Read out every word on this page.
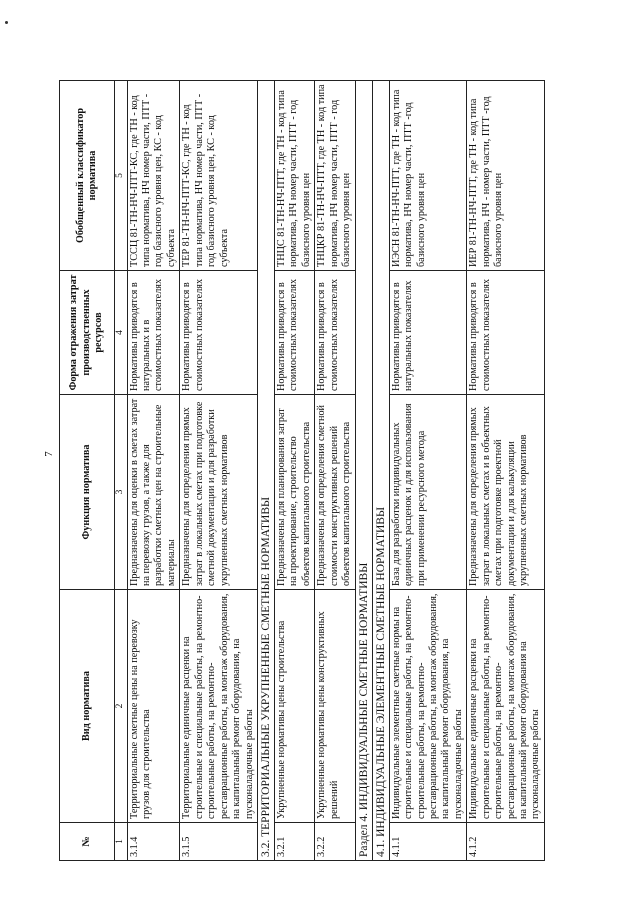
7
№	Вид норматива	Функция норматива	Форма отражения затрат производственных ресурсов	Обобщенный классификатор норматива
1	2	3	4	5
3.1.4	Территориальные сметные цены на перевозку грузов для строительства	Предназначены для оценки в сметах затрат на перевозку грузов, а также для разработки сметных цен на строительные материалы	Нормативы приводятся в натуральных и в стоимостных показателях	ТССЦ 81-ТН-НЧ-ПТТ-КС, где ТН - код типа норматива, НЧ номер части, ПТТ - год базисного уровня цен, КС - код субъекта
3.1.5	Территориальные единичные расценки на строительные и специальные работы, на ремонтно-строительные работы, на ремонтно-реставрационные работы, на монтаж оборудования, на капитальный ремонт оборудования, на пусконаладочные работы	Предназначены для определения прямых затрат в локальных сметах при подготовке сметной документации и для разработки укрупненных сметных нормативов	Нормативы приводятся в стоимостных показателях	ТЕР 81-ТН-НЧ-ПТТ-КС, где ТН - код типа норматива, НЧ номер части, ПТТ - год базисного уровня цен, КС - код субъекта
3.2. ТЕРРИТОРИАЛЬНЫЕ УКРУПНЕННЫЕ СМЕТНЫЕ НОРМАТИВЫ				
3.2.1	Укрупненные нормативы цены строительства	Предназначены для планирования затрат на проектирование, строительство объектов капитального строительства	Нормативы приводятся в стоимостных показателях	ТНЦС 81-ТН-НЧ-ПТТ, где ТН - код типа норматива, НЧ номер части, ПТТ - год базисного уровня цен
3.2.2	Укрупненные нормативы цены конструктивных решений	Предназначены для определения сметной стоимости конструктивных решений объектов капитального строительства	Нормативы приводятся в стоимостных показателях	ТНЦКР 81-ТН-НЧ-ПТТ, где ТН - код типа норматива, НЧ номер части, ПТТ - год базисного уровня цен
Раздел 4. ИНДИВИДУАЛЬНЫЕ СМЕТНЫЕ НОРМАТИВЫ				
4.1. ИНДИВИДУАЛЬНЫЕ ЭЛЕМЕНТНЫЕ СМЕТНЫЕ НОРМАТИВЫ				
4.1.1	Индивидуальные элементные сметные нормы на строительные и специальные работы, на ремонтно-строительные работы, на ремонтно-реставрационные работы, на монтаж оборудования, на капитальный ремонт оборудования, на пусконаладочные работы	База для разработки индивидуальных единичных расценок и для использования при применении ресурсного метода	Нормативы приводятся в натуральных показателях	ИЭСН 81-ТН-НЧ-ПТТ, где ТН - код типа норматива, НЧ номер части, ПТТ -год базисного уровня цен
4.1.2	Индивидуальные единичные расценки на строительные и специальные работы, на ремонтно-строительные работы, на ремонтно-реставрационные работы, на монтаж оборудования, на капитальный ремонт оборудования на пусконаладочные работы	Предназначены для определения прямых затрат в локальных сметах и в объектных сметах при подготовке проектной документации и для калькуляции укрупненных сметных нормативов	Нормативы приводятся в стоимостных показателях	ИЕР 81-ТН-НЧ-ПТТ, где ТН - код типа норматива, НЧ - номер части, ПТТ -год базисного уровня цен
